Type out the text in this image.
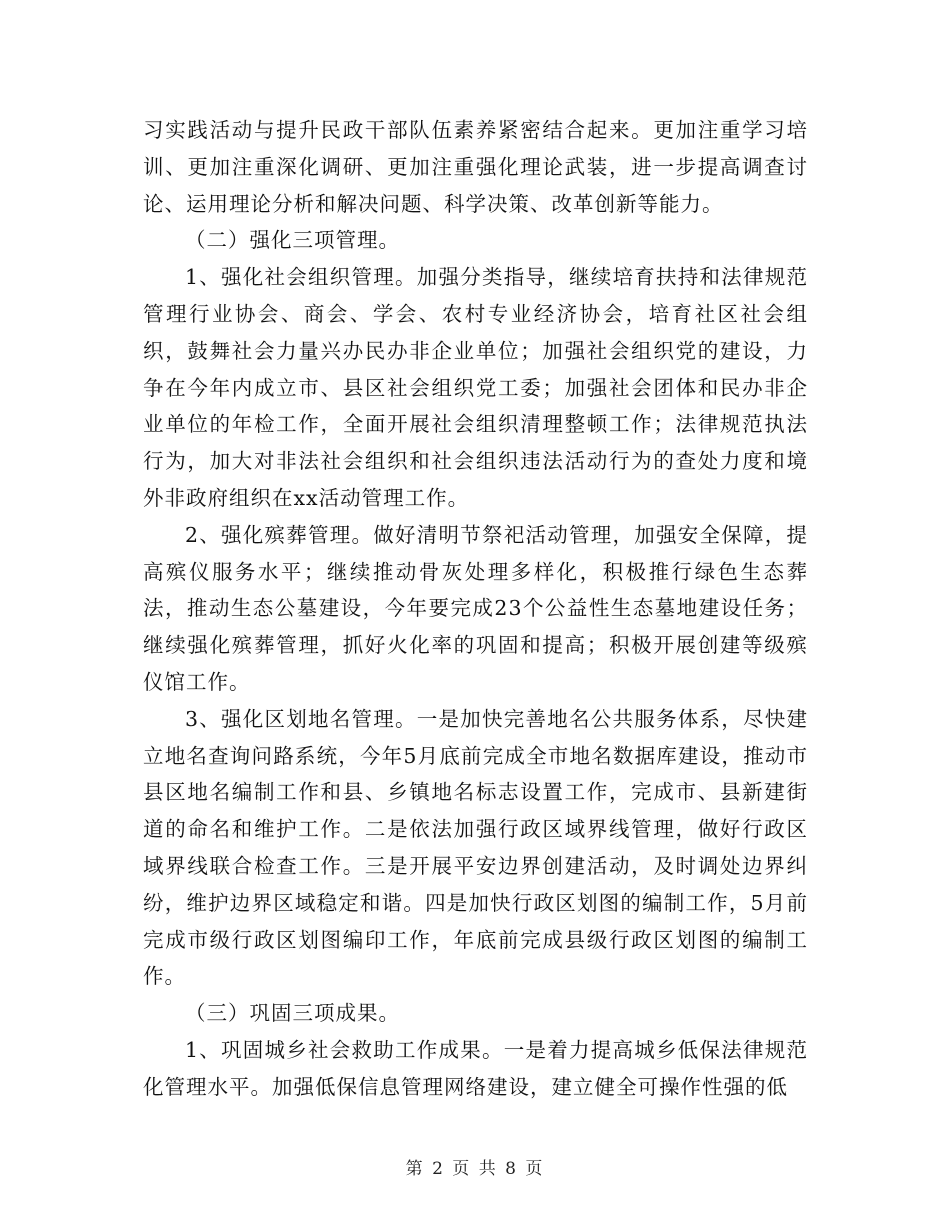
习实践活动与提升民政干部队伍素养紧密结合起来。更加注重学习培训、更加注重深化调研、更加注重强化理论武装，进一步提高调查讨论、运用理论分析和解决问题、科学决策、改革创新等能力。

（二）强化三项管理。

1、强化社会组织管理。加强分类指导，继续培育扶持和法律规范管理行业协会、商会、学会、农村专业经济协会，培育社区社会组织，鼓舞社会力量兴办民办非企业单位；加强社会组织党的建设，力争在今年内成立市、县区社会组织党工委；加强社会团体和民办非企业单位的年检工作，全面开展社会组织清理整顿工作；法律规范执法行为，加大对非法社会组织和社会组织违法活动行为的查处力度和境外非政府组织在xx活动管理工作。

2、强化殡葬管理。做好清明节祭祀活动管理，加强安全保障，提高殡仪服务水平；继续推动骨灰处理多样化，积极推行绿色生态葬法，推动生态公墓建设，今年要完成23个公益性生态墓地建设任务；继续强化殡葬管理，抓好火化率的巩固和提高；积极开展创建等级殡仪馆工作。

3、强化区划地名管理。一是加快完善地名公共服务体系，尽快建立地名查询问路系统，今年5月底前完成全市地名数据库建设，推动市县区地名编制工作和县、乡镇地名标志设置工作，完成市、县新建街道的命名和维护工作。二是依法加强行政区域界线管理，做好行政区域界线联合检查工作。三是开展平安边界创建活动，及时调处边界纠纷，维护边界区域稳定和谐。四是加快行政区划图的编制工作，5月前完成市级行政区划图编印工作，年底前完成县级行政区划图的编制工作。

（三）巩固三项成果。

1、巩固城乡社会救助工作成果。一是着力提高城乡低保法律规范化管理水平。加强低保信息管理网络建设，建立健全可操作性强的低

第 2 页 共 8 页
